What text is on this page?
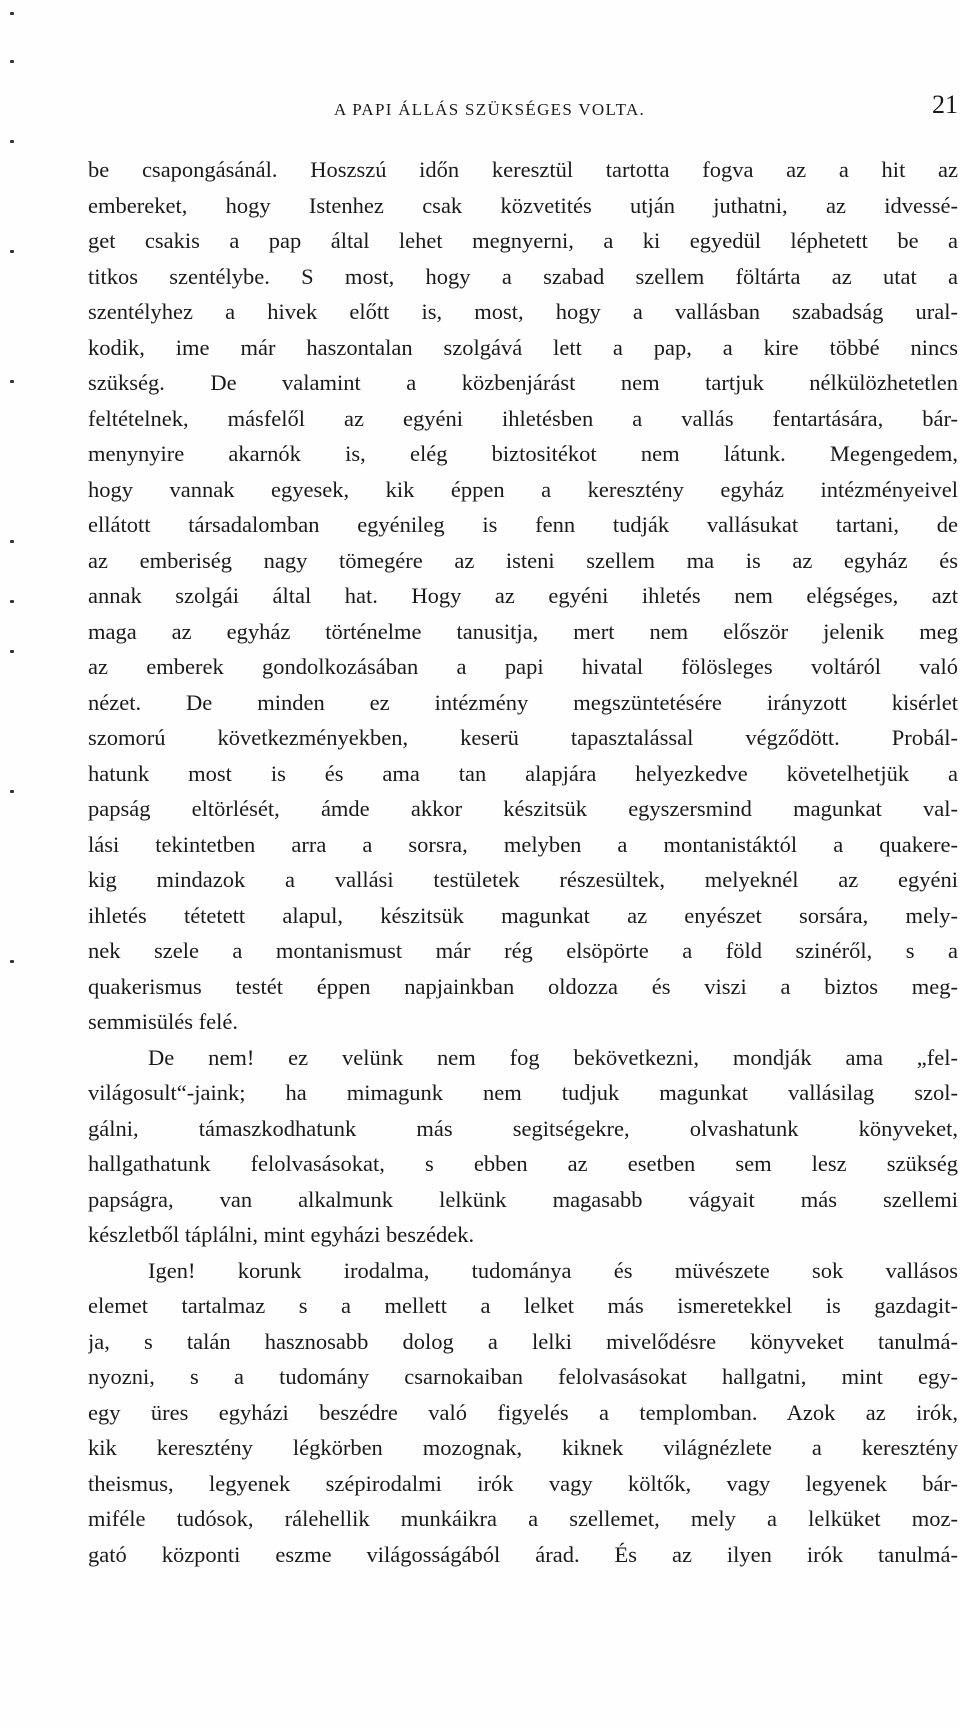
A PAPI ÁLLÁS SZÜKSÉGES VOLTA.	21
be csapongásánál. Hoszszú időn keresztül tartotta fogva az a hit az
embereket, hogy Istenhez csak közvetités utján juthatni, az idvessé-
get csakis a pap által lehet megnyerni, a ki egyedül léphetett be a
titkos szentélybe. S most, hogy a szabad szellem föltárta az utat a
szentélyhez a hivek előtt is, most, hogy a vallásban szabadság ural-
kodik, ime már haszontalan szolgává lett a pap, a kire többé nincs
szükség. De valamint a közbenjárást nem tartjuk nélkülözhetetlen
feltételnek, másfelől az egyéni ihletésben a vallás fentartására, bár-
menynyire akarnók is, elég biztositékot nem látunk. Megengedem,
hogy vannak egyesek, kik éppen a keresztény egyház intézményeivel
ellátott társadalomban egyénileg is fenn tudják vallásukat tartani, de
az emberiség nagy tömegére az isteni szellem ma is az egyház és
annak szolgái által hat. Hogy az egyéni ihletés nem elégséges, azt
maga az egyház történelme tanusitja, mert nem először jelenik meg
az emberek gondolkozásában a papi hivatal fölösleges voltáról való
nézet. De minden ez intézmény megszüntetésére irányzott kisérlet
szomorú következményekben, keserü tapasztalással végződött. Probál-
hatunk most is és ama tan alapjára helyezkedve követelhetjük a
papság eltörlését, ámde akkor készitsük egyszersmind magunkat val-
lási tekintetben arra a sorsra, melyben a montanistáktól a quakere-
kig mindazok a vallási testületek részesültek, melyeknél az egyéni
ihletés tétetett alapul, készitsük magunkat az enyészet sorsára, mely-
nek szele a montanismust már rég elsöpörte a föld szinéről, s a
quakerismus testét éppen napjainkban oldozza és viszi a biztos meg-
semmisülés felé.
De nem! ez velünk nem fog bekövetkezni, mondják ama „fel-
világosult“-jaink; ha mimagunk nem tudjuk magunkat vallásilag szol-
gálni, támaszkodhatunk más segitségekre, olvashatunk könyveket,
hallgathatunk felolvasásokat, s ebben az esetben sem lesz szükség
papságra, van alkalmunk lelkünk magasabb vágyait más szellemi
készletből táplálni, mint egyházi beszédek.
Igen! korunk irodalma, tudománya és müvészete sok vallásos
elemet tartalmaz s a mellett a lelket más ismeretekkel is gazdagit-
ja, s talán hasznosabb dolog a lelki mivelődésre könyveket tanulmá-
nyozni, s a tudomány csarnokaiban felolvasásokat hallgatni, mint egy-
egy üres egyházi beszédre való figyelés a templomban. Azok az irók,
kik keresztény légkörben mozognak, kiknek világnézlete a keresztény
theismus, legyenek szépirodalmi irók vagy költők, vagy legyenek bár-
miféle tudósok, rálehellik munkáikra a szellemet, mely a lelküket moz-
gató központi eszme világosságából árad. És az ilyen irók tanulmá-
